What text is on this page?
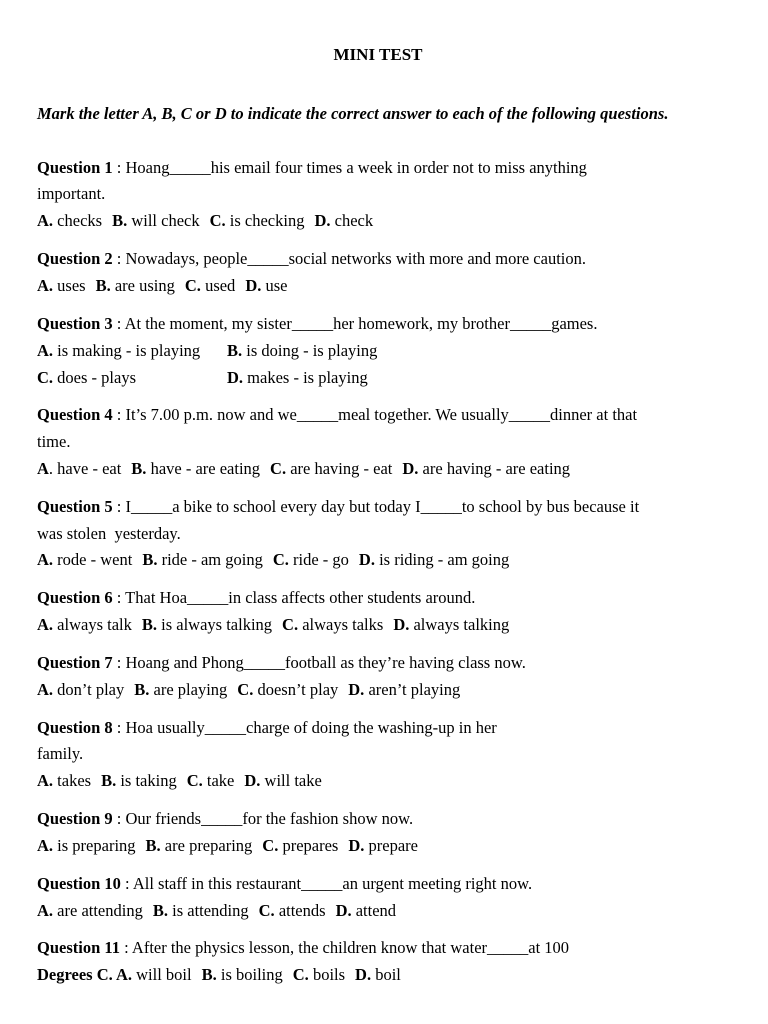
MINI TEST
Mark the letter A, B, C or D to indicate the correct answer to each of the following questions.
Question 1 : Hoang_____his email four times a week in order not to miss anything
important.
A. checks B. will check C. is checking D. check
Question 2 : Nowadays, people_____social networks with more and more caution.
A. uses B. are using C. used D. use
Question 3 : At the moment, my sister_____her homework, my brother_____games.
A. is making - is playing B. is doing - is playing
C. does - plays	D. makes - is playing
Question 4 : It’s 7.00 p.m. now and we_____meal together. We usually_____dinner at that
time.
A. have - eat B. have - are eating C. are having - eat D. are having - are eating
Question 5 : I_____a bike to school every day but today I_____to school by bus because it
was stolen  yesterday.
A. rode - went B. ride - am going C. ride - go D. is riding - am going
Question 6 : That Hoa_____in class affects other students around.
A. always talk B. is always talking C. always talks D. always talking
Question 7 : Hoang and Phong_____football as they’re having class now.
A. don’t play B. are playing C. doesn’t play D. aren’t playing
Question 8 : Hoa usually_____charge of doing the washing-up in her
family.
A. takes B. is taking C. take D. will take
Question 9 : Our friends_____for the fashion show now.
A. is preparing B. are preparing C. prepares D. prepare
Question 10 : All staff in this restaurant_____an urgent meeting right now.
A. are attending B. is attending C. attends D. attend
Question 11 : After the physics lesson, the children know that water_____at 100
Degrees C. A. will boil B. is boiling C. boils D. boil
